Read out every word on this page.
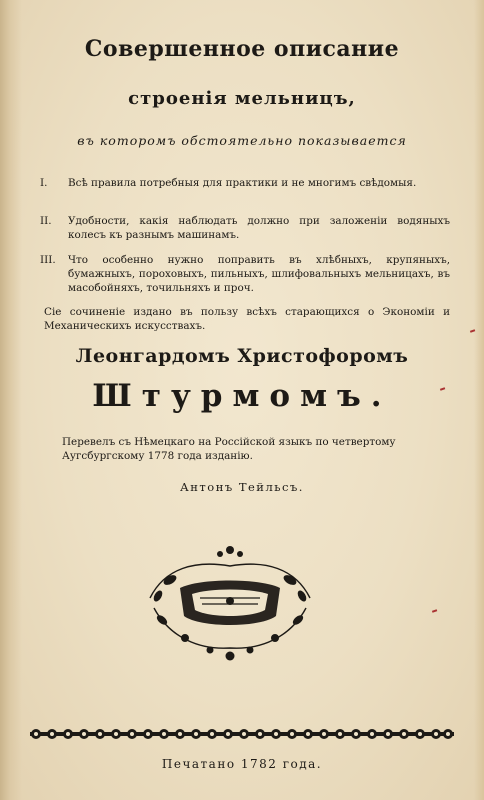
Совершенное описание
строенія мельницъ,
въ которомъ обстоятельно показывается
I.	Всѣ правила потребныя для практики и не многимъ свѣдомыя.
II.	Удобности, какія наблюдать должно при заложеніи водяныхъ колесъ къ разнымъ машинамъ.
III.	Что особенно нужно поправить въ хлѣбныхъ, крупяныхъ, бумажныхъ, пороховыхъ, пильныхъ, шлифовальныхъ мельницахъ, въ масобойняхъ, точильняхъ и проч.
Сіе сочиненіе издано въ пользу всѣхъ старающихся о Экономіи и Механическихъ искусствахъ.
Леонгардомъ Христофоромъ
Штурмомъ.
Перевелъ съ Нѣмецкаго на Россійской языкъ по четвертому Аугсбургскому 1778 года изданію.
Антонъ Тейльсъ.
Печатано 1782 года.
